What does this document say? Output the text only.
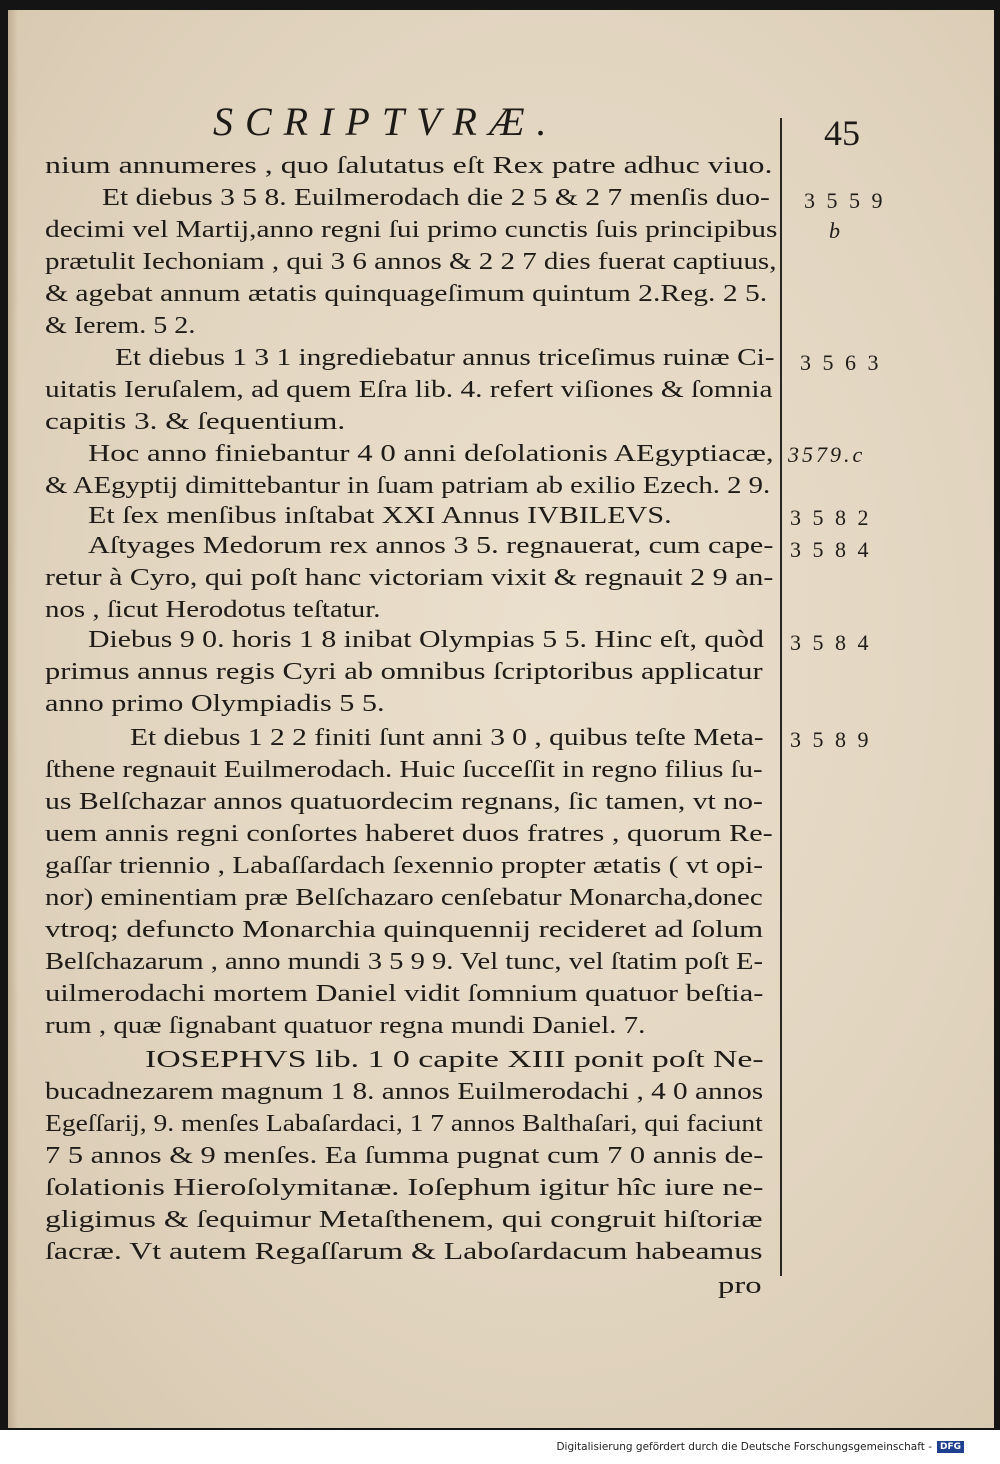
SCRIPTVRÆ.	45
nium annumeres , quo ſalutatus eſt Rex patre adhuc viuo.
Et diebus 3 5 8. Euilmerodach die 2 5 & 2 7 menſis duo-
decimi vel Martij,anno regni ſui primo cunctis ſuis principibus
prætulit Iechoniam , qui 3 6 annos & 2 2 7 dies fuerat captiuus,
& agebat annum ætatis quinquageſimum quintum 2.Reg. 2 5.
& Ierem. 5 2.
Et diebus 1 3 1 ingrediebatur annus triceſimus ruinæ Ci-
uitatis Ieruſalem, ad quem Eſra lib. 4. refert viſiones & ſomnia
capitis 3. & ſequentium.
Hoc anno finiebantur 4 0 anni deſolationis AEgyptiacæ,
& AEgyptij dimittebantur in ſuam patriam ab exilio Ezech. 2 9.
Et ſex menſibus inſtabat XXI Annus IVBILEVS.
Aſtyages Medorum rex annos 3 5. regnauerat, cum cape-
retur à Cyro, qui poſt hanc victoriam vixit & regnauit 2 9 an-
nos , ſicut Herodotus teſtatur.
Diebus 9 0. horis 1 8 inibat Olympias 5 5. Hinc eſt, quòd
primus annus regis Cyri ab omnibus ſcriptoribus applicatur
anno primo Olympiadis 5 5.
Et diebus 1 2 2 finiti ſunt anni 3 0 , quibus teſte Meta-
ſthene regnauit Euilmerodach. Huic ſucceſſit in regno filius ſu-
us Belſchazar annos quatuordecim regnans, ſic tamen, vt no-
uem annis regni conſortes haberet duos fratres , quorum Re-
gaſſar triennio , Labaſſardach ſexennio propter ætatis ( vt opi-
nor) eminentiam præ Belſchazaro cenſebatur Monarcha,donec
vtroq; defuncto Monarchia quinquennij recideret ad ſolum
Belſchazarum , anno mundi 3 5 9 9. Vel tunc, vel ſtatim poſt E-
uilmerodachi mortem Daniel vidit ſomnium quatuor beſtia-
rum , quæ ſignabant quatuor regna mundi Daniel. 7.
IOSEPHVS lib. 1 0 capite XIII ponit poſt Ne-
bucadnezarem magnum 1 8. annos Euilmerodachi , 4 0 annos
Egeſſarij, 9. menſes Labaſardaci, 1 7 annos Balthaſari, qui faciunt
7 5 annos & 9 menſes. Ea ſumma pugnat cum 7 0 annis de-
ſolationis Hieroſolymitanæ. Ioſephum igitur hîc iure ne-
gligimus & ſequimur Metaſthenem, qui congruit hiſtoriæ
ſacræ. Vt autem Regaſſarum & Laboſardacum habeamus
pro
3 5 5 9
b
3 5 6 3
3579.c
3 5 8 2
3 5 8 4
3 5 8 4
3 5 8 9
Digitalisierung gefördert durch die Deutsche Forschungsgemeinschaft - DFG
